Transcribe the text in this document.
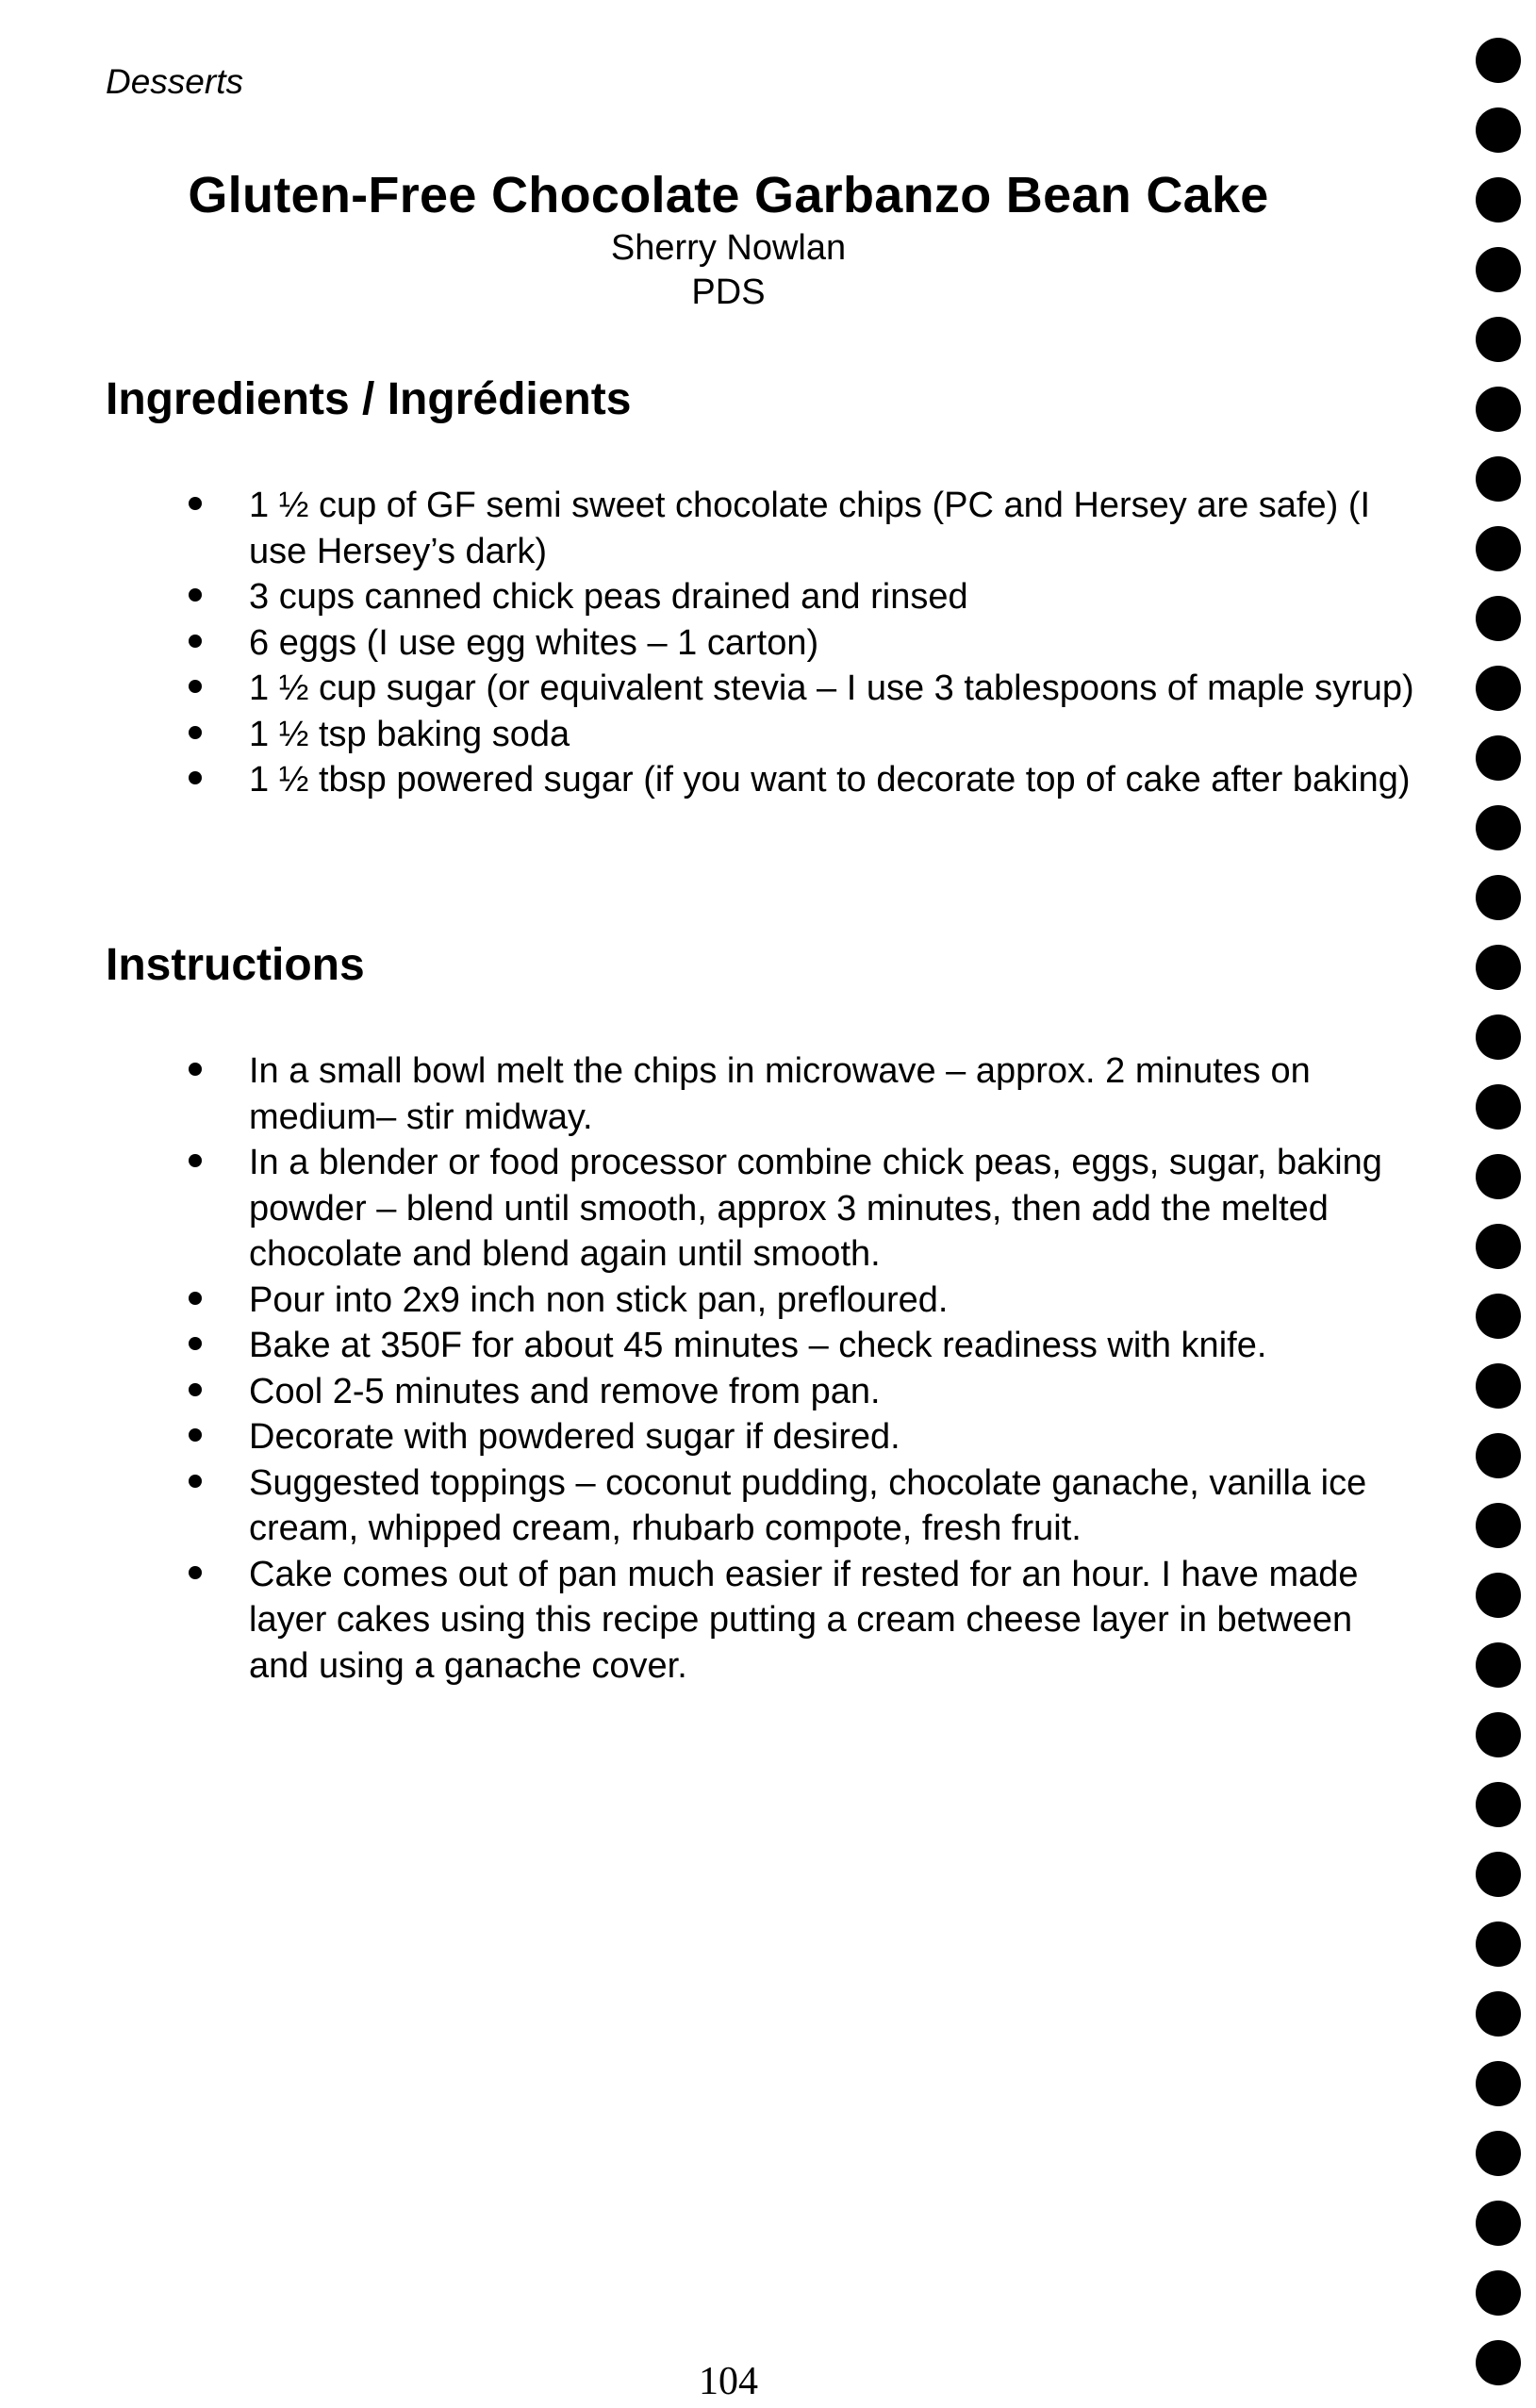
Desserts
Gluten-Free Chocolate Garbanzo Bean Cake
Sherry Nowlan
PDS
Ingredients / Ingrédients
1 ½ cup of GF semi sweet chocolate chips (PC and Hersey are safe) (I use Hersey’s dark)
3 cups canned chick peas drained and rinsed
6 eggs (I use egg whites – 1 carton)
1 ½ cup sugar (or equivalent stevia – I use 3 tablespoons of maple syrup)
1 ½ tsp baking soda
1 ½ tbsp powered sugar (if you want to decorate top of cake after baking)
Instructions
In a small bowl melt the chips in microwave – approx. 2 minutes on medium– stir midway.
In a blender or food processor combine chick peas, eggs, sugar, baking powder – blend until smooth, approx 3 minutes, then add the melted chocolate and blend again until smooth.
Pour into 2x9 inch non stick pan, prefloured.
Bake at 350F for about 45 minutes – check readiness with knife.
Cool 2-5 minutes and remove from pan.
Decorate with powdered sugar if desired.
Suggested toppings – coconut pudding, chocolate ganache, vanilla ice cream, whipped cream, rhubarb compote, fresh fruit.
Cake comes out of pan much easier if rested for an hour. I have made layer cakes using this recipe putting a cream cheese layer in between and using a ganache cover.
104
